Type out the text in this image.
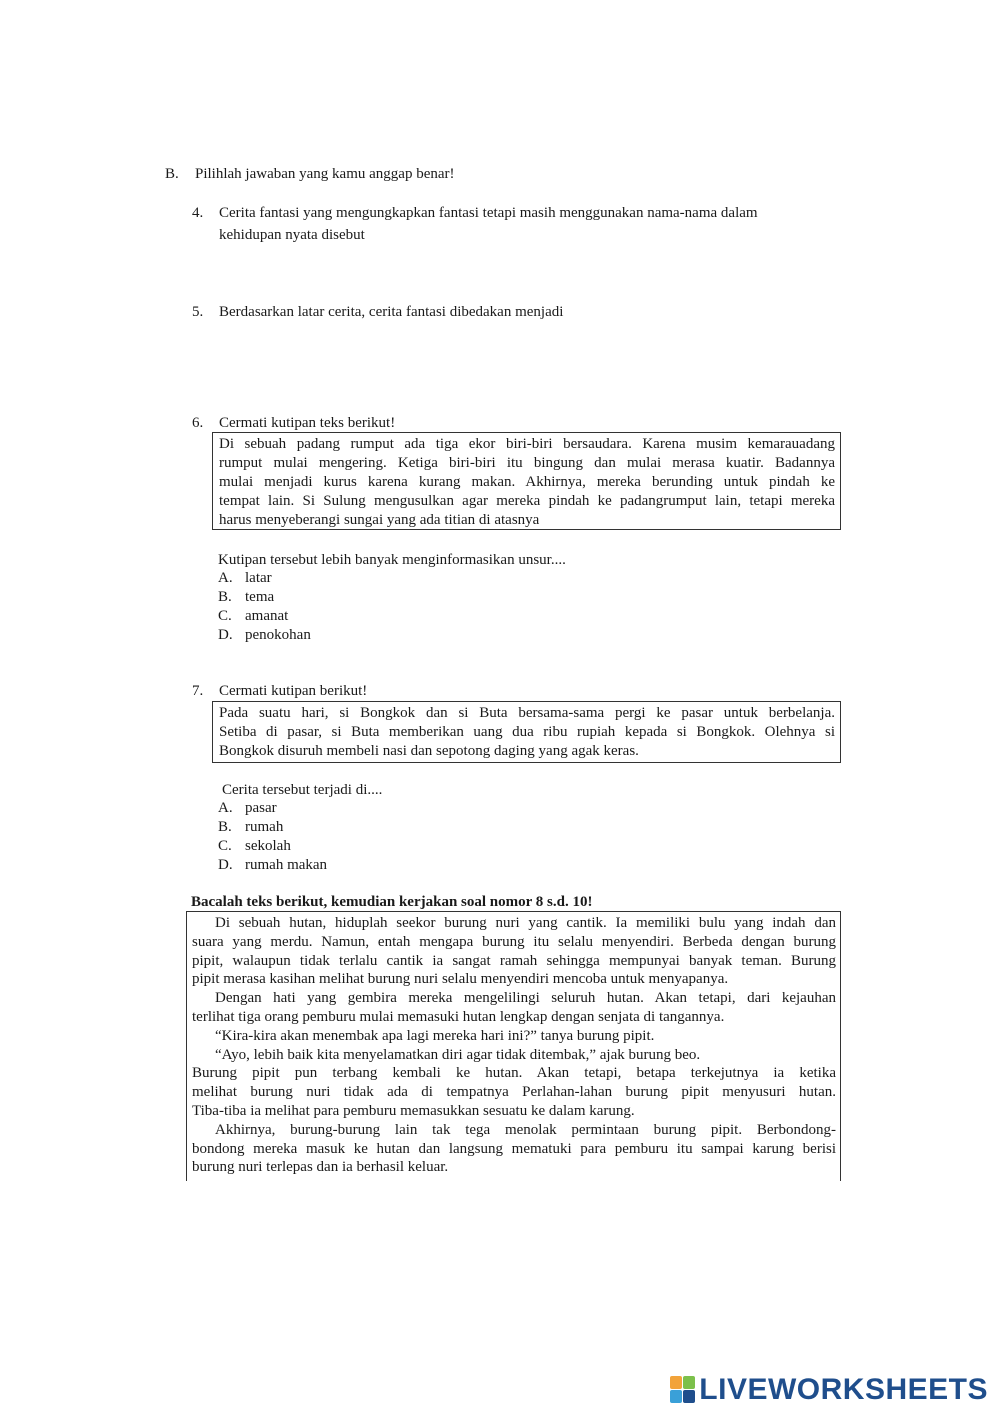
B. Pilihlah jawaban yang kamu anggap benar!
4. Cerita fantasi yang mengungkapkan fantasi tetapi masih menggunakan nama-nama dalam
kehidupan nyata disebut
5. Berdasarkan latar cerita, cerita fantasi dibedakan menjadi
6. Cermati kutipan teks berikut!

Di sebuah padang rumput ada tiga ekor biri-biri bersaudara. Karena musim kemarauadang

rumput mulai mengering. Ketiga biri-biri itu bingung dan mulai merasa kuatir. Badannya

mulai menjadi kurus karena kurang makan. Akhirnya, mereka berunding untuk pindah ke

tempat lain. Si Sulung mengusulkan agar mereka pindah ke padangrumput lain, tetapi mereka

harus menyeberangi sungai yang ada titian di atasnya

Kutipan tersebut lebih banyak menginformasikan unsur....
A. latar
B. tema
C. amanat
D. penokohan
7. Cermati kutipan berikut!

Pada suatu hari, si Bongkok dan si Buta bersama-sama pergi ke pasar untuk berbelanja.

Setiba di pasar, si Buta memberikan uang dua ribu rupiah kepada si Bongkok. Olehnya si

Bongkok disuruh membeli nasi dan sepotong daging yang agak keras.

Cerita tersebut terjadi di....
A. pasar
B. rumah
C. sekolah
D. rumah makan
Bacalah teks berikut, kemudian kerjakan soal nomor 8 s.d. 10!

Di sebuah hutan, hiduplah seekor burung nuri yang cantik. Ia memiliki bulu yang indah dan

suara yang merdu. Namun, entah mengapa burung itu selalu menyendiri. Berbeda dengan burung

pipit, walaupun tidak terlalu cantik ia sangat ramah sehingga mempunyai banyak teman. Burung

pipit merasa kasihan melihat burung nuri selalu menyendiri mencoba untuk menyapanya.

Dengan hati yang gembira mereka mengelilingi seluruh hutan. Akan tetapi, dari kejauhan

terlihat tiga orang pemburu mulai memasuki hutan lengkap dengan senjata di tangannya.

“Kira-kira akan menembak apa lagi mereka hari ini?” tanya burung pipit.

“Ayo, lebih baik kita menyelamatkan diri agar tidak ditembak,” ajak burung beo.

Burung pipit pun terbang kembali ke hutan. Akan tetapi, betapa terkejutnya ia ketika

melihat burung nuri tidak ada di tempatnya Perlahan-lahan burung pipit menyusuri hutan.

Tiba-tiba ia melihat para pemburu memasukkan sesuatu ke dalam karung.

Akhirnya, burung-burung lain tak tega menolak permintaan burung pipit. Berbondong-

bondong mereka masuk ke hutan dan langsung mematuki para pemburu itu sampai karung berisi

burung nuri terlepas dan ia berhasil keluar.

LIVEWORKSHEETS
